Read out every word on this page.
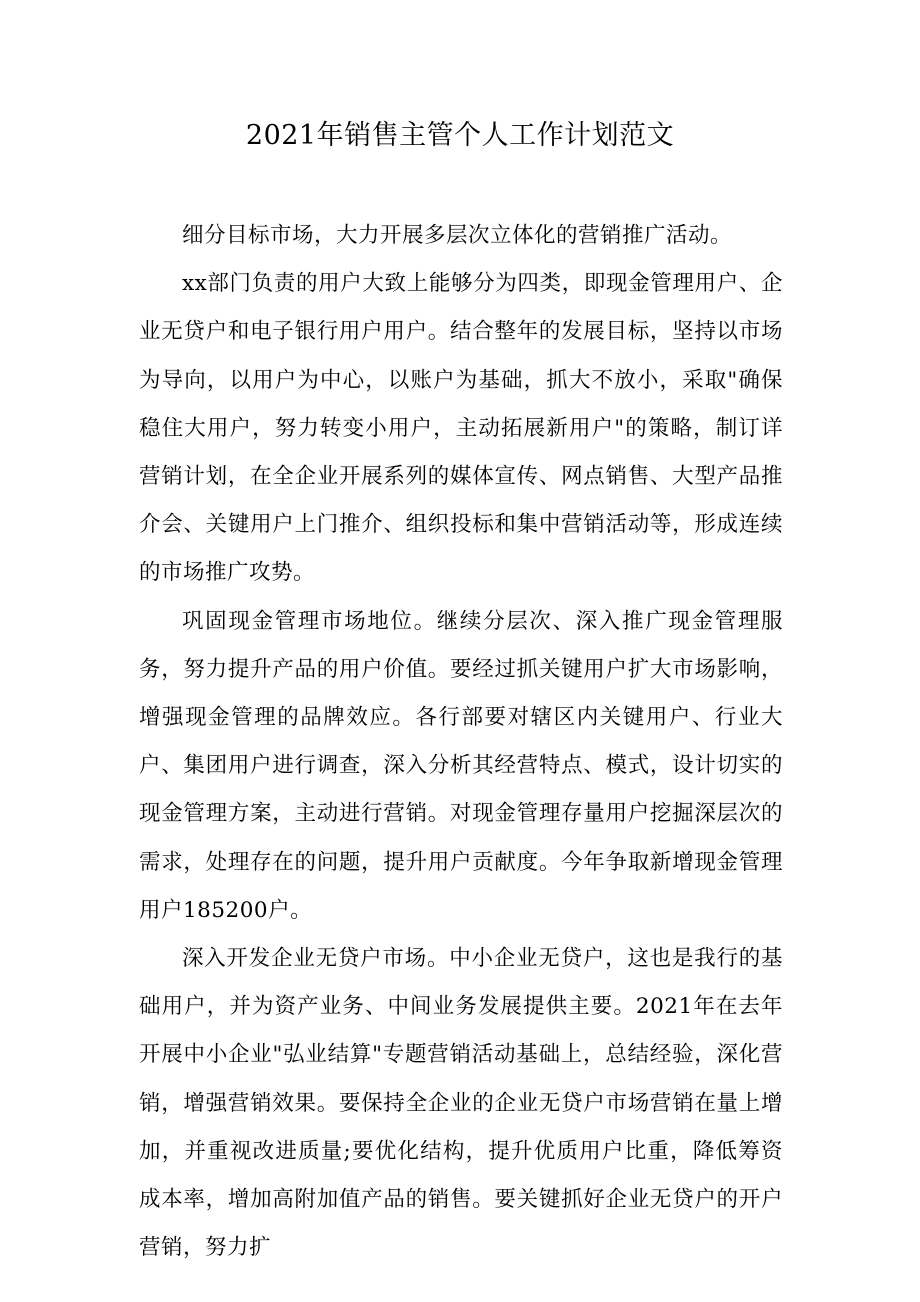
2021年销售主管个人工作计划范文

细分目标市场，大力开展多层次立体化的营销推广活动。

xx部门负责的用户大致上能够分为四类，即现金管理用户、企业无贷户和电子银行用户用户。结合整年的发展目标，坚持以市场为导向，以用户为中心，以账户为基础，抓大不放小，采取"确保稳住大用户，努力转变小用户，主动拓展新用户"的策略，制订详营销计划，在全企业开展系列的媒体宣传、网点销售、大型产品推介会、关键用户上门推介、组织投标和集中营销活动等，形成连续的市场推广攻势。

巩固现金管理市场地位。继续分层次、深入推广现金管理服务，努力提升产品的用户价值。要经过抓关键用户扩大市场影响，增强现金管理的品牌效应。各行部要对辖区内关键用户、行业大户、集团用户进行调查，深入分析其经营特点、模式，设计切实的现金管理方案，主动进行营销。对现金管理存量用户挖掘深层次的需求，处理存在的问题，提升用户贡献度。今年争取新增现金管理用户185200户。

深入开发企业无贷户市场。中小企业无贷户，这也是我行的基础用户，并为资产业务、中间业务发展提供主要。2021年在去年开展中小企业"弘业结算"专题营销活动基础上，总结经验，深化营销，增强营销效果。要保持全企业的企业无贷户市场营销在量上增加，并重视改进质量;要优化结构，提升优质用户比重，降低筹资成本率，增加高附加值产品的销售。要关键抓好企业无贷户的开户营销，努力扩
